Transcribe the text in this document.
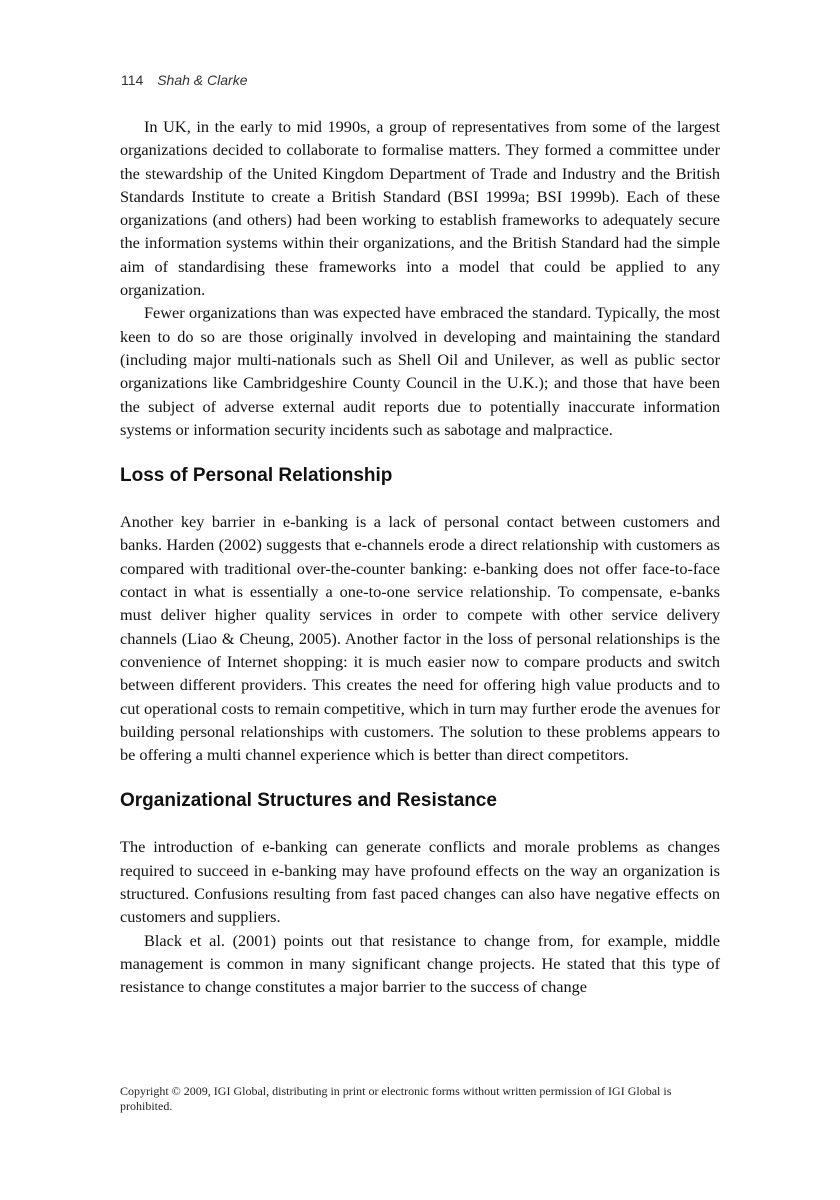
114 Shah & Clarke

In UK, in the early to mid 1990s, a group of representatives from some of the largest organizations decided to collaborate to formalise matters. They formed a committee under the stewardship of the United Kingdom Department of Trade and Industry and the British Standards Institute to create a British Standard (BSI 1999a; BSI 1999b). Each of these organizations (and others) had been working to establish frameworks to adequately secure the information systems within their organizations, and the British Standard had the simple aim of standardising these frameworks into a model that could be applied to any organization.

Fewer organizations than was expected have embraced the standard. Typically, the most keen to do so are those originally involved in developing and maintaining the standard (including major multi-nationals such as Shell Oil and Unilever, as well as public sector organizations like Cambridgeshire County Council in the U.K.); and those that have been the subject of adverse external audit reports due to potentially inaccurate information systems or information security incidents such as sabotage and malpractice.

Loss of Personal Relationship

Another key barrier in e-banking is a lack of personal contact between customers and banks. Harden (2002) suggests that e-channels erode a direct relationship with customers as compared with traditional over-the-counter banking: e-banking does not offer face-to-face contact in what is essentially a one-to-one service relationship. To compensate, e-banks must deliver higher quality services in order to compete with other service delivery channels (Liao & Cheung, 2005). Another factor in the loss of personal relationships is the convenience of Internet shopping: it is much easier now to compare products and switch between different providers. This creates the need for offering high value products and to cut operational costs to remain competitive, which in turn may further erode the avenues for building personal relationships with customers. The solution to these problems appears to be offering a multi channel experience which is better than direct competitors.

Organizational Structures and Resistance

The introduction of e-banking can generate conflicts and morale problems as changes required to succeed in e-banking may have profound effects on the way an organization is structured. Confusions resulting from fast paced changes can also have negative effects on customers and suppliers.

Black et al. (2001) points out that resistance to change from, for example, middle management is common in many significant change projects. He stated that this type of resistance to change constitutes a major barrier to the success of change

Copyright © 2009, IGI Global, distributing in print or electronic forms without written permission of IGI Global is prohibited.
